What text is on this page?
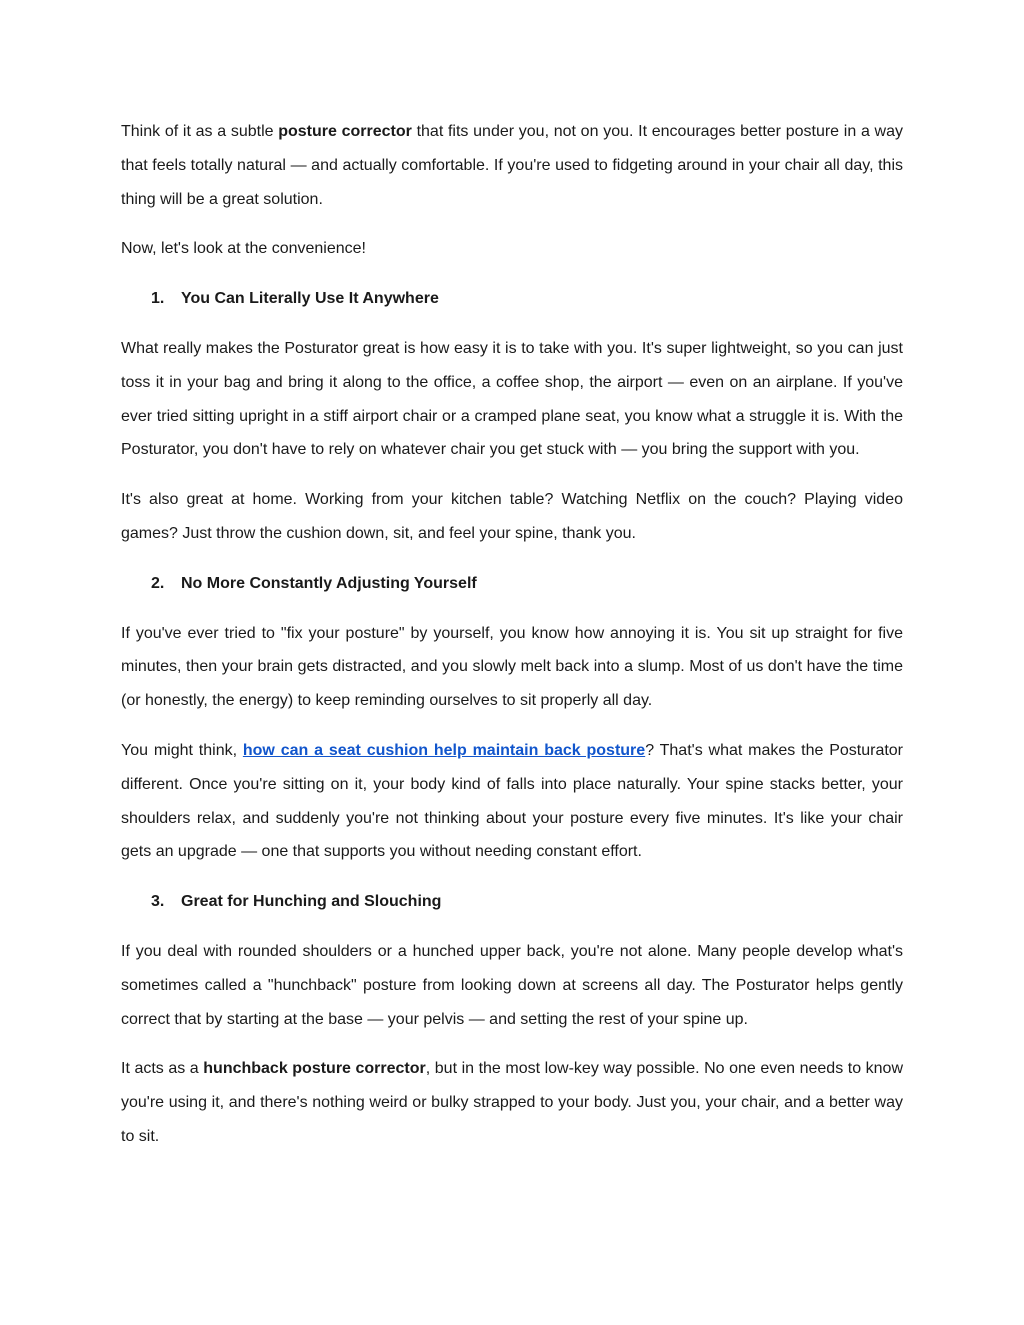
Think of it as a subtle posture corrector that fits under you, not on you. It encourages better posture in a way that feels totally natural — and actually comfortable. If you're used to fidgeting around in your chair all day, this thing will be a great solution.

Now, let's look at the convenience!

1. You Can Literally Use It Anywhere

What really makes the Posturator great is how easy it is to take with you. It's super lightweight, so you can just toss it in your bag and bring it along to the office, a coffee shop, the airport — even on an airplane. If you've ever tried sitting upright in a stiff airport chair or a cramped plane seat, you know what a struggle it is. With the Posturator, you don't have to rely on whatever chair you get stuck with — you bring the support with you.

It's also great at home. Working from your kitchen table? Watching Netflix on the couch? Playing video games? Just throw the cushion down, sit, and feel your spine, thank you.

2. No More Constantly Adjusting Yourself

If you've ever tried to "fix your posture" by yourself, you know how annoying it is. You sit up straight for five minutes, then your brain gets distracted, and you slowly melt back into a slump. Most of us don't have the time (or honestly, the energy) to keep reminding ourselves to sit properly all day.

You might think, how can a seat cushion help maintain back posture? That's what makes the Posturator different. Once you're sitting on it, your body kind of falls into place naturally. Your spine stacks better, your shoulders relax, and suddenly you're not thinking about your posture every five minutes. It's like your chair gets an upgrade — one that supports you without needing constant effort.

3. Great for Hunching and Slouching

If you deal with rounded shoulders or a hunched upper back, you're not alone. Many people develop what's sometimes called a "hunchback" posture from looking down at screens all day. The Posturator helps gently correct that by starting at the base — your pelvis — and setting the rest of your spine up.

It acts as a hunchback posture corrector, but in the most low-key way possible. No one even needs to know you're using it, and there's nothing weird or bulky strapped to your body. Just you, your chair, and a better way to sit.
